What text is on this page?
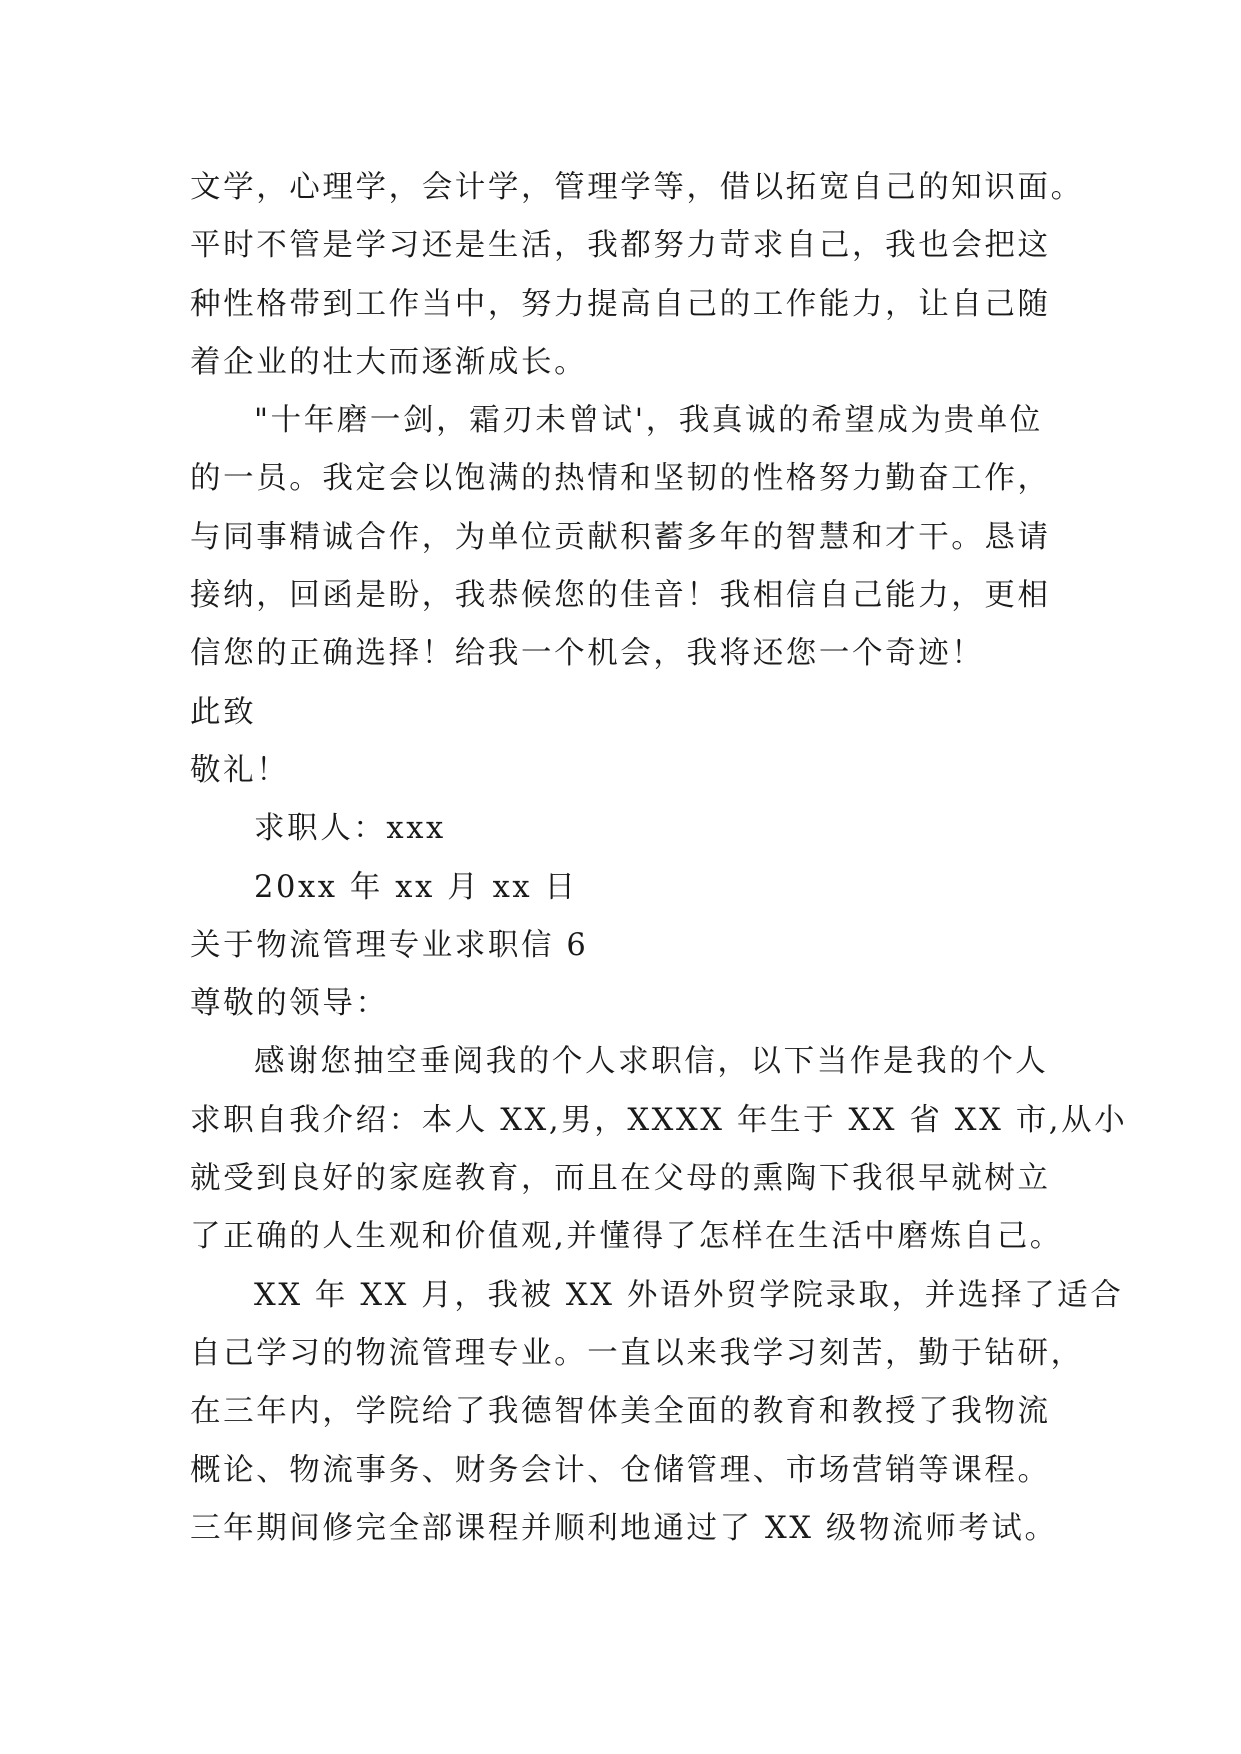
文学，心理学，会计学，管理学等，借以拓宽自己的知识面。
平时不管是学习还是生活，我都努力苛求自己，我也会把这
种性格带到工作当中，努力提高自己的工作能力，让自己随
着企业的壮大而逐渐成长。
"十年磨一剑，霜刃未曾试'，我真诚的希望成为贵单位
的一员。我定会以饱满的热情和坚韧的性格努力勤奋工作，
与同事精诚合作，为单位贡献积蓄多年的智慧和才干。恳请
接纳，回函是盼，我恭候您的佳音！我相信自己能力，更相
信您的正确选择！给我一个机会，我将还您一个奇迹！
此致
敬礼！
求职人：xxx
20xx 年 xx 月 xx 日
关于物流管理专业求职信 6
尊敬的领导：
感谢您抽空垂阅我的个人求职信，以下当作是我的个人
求职自我介绍：本人 XX,男，XXXX 年生于 XX 省 XX 市,从小
就受到良好的家庭教育，而且在父母的熏陶下我很早就树立
了正确的人生观和价值观,并懂得了怎样在生活中磨炼自己。
XX 年 XX 月，我被 XX 外语外贸学院录取，并选择了适合
自己学习的物流管理专业。一直以来我学习刻苦，勤于钻研，
在三年内，学院给了我德智体美全面的教育和教授了我物流
概论、物流事务、财务会计、仓储管理、市场营销等课程。
三年期间修完全部课程并顺利地通过了 XX 级物流师考试。
